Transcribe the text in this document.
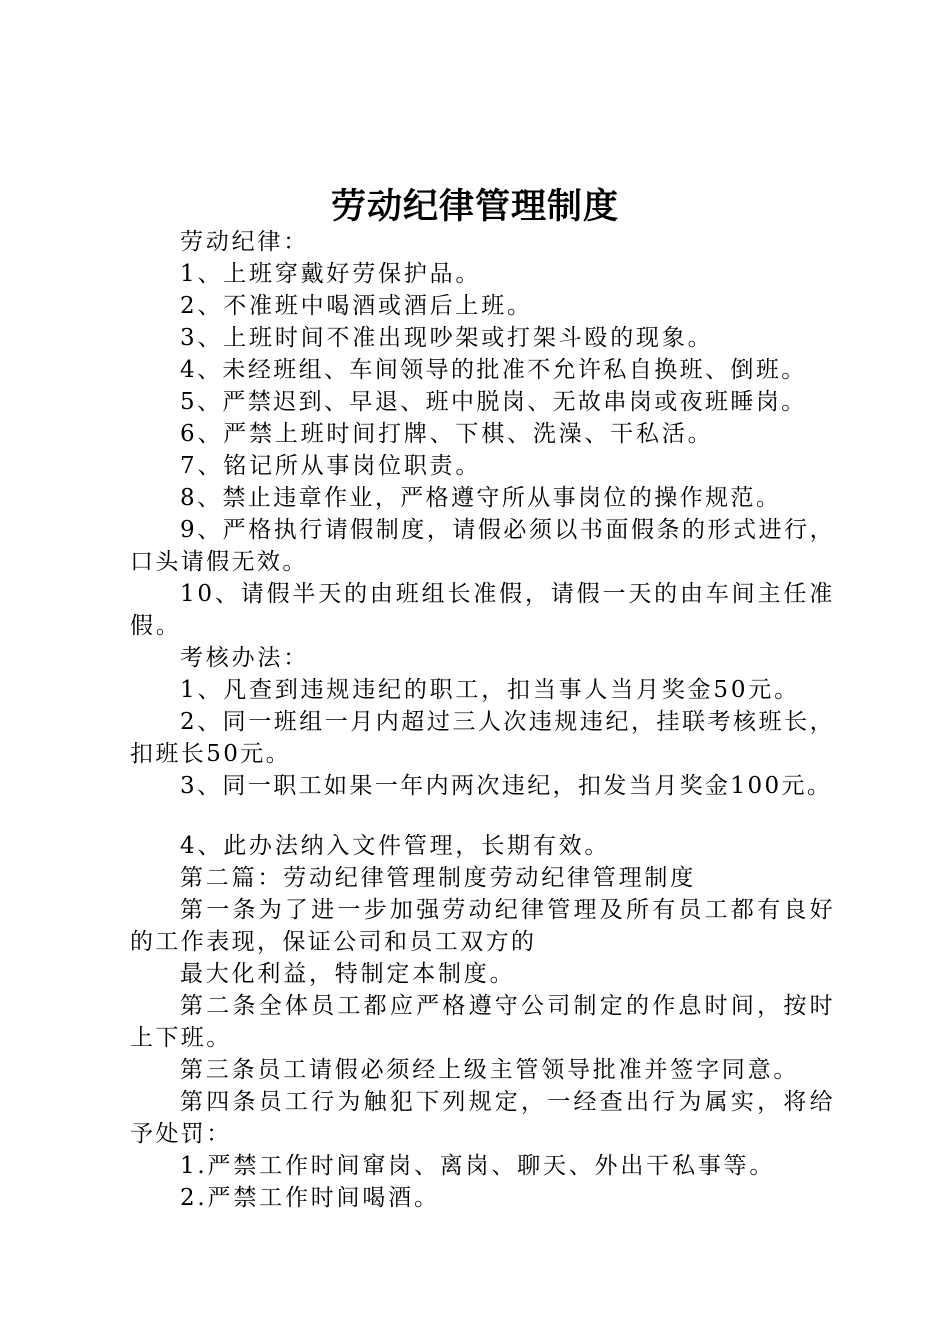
劳动纪律管理制度

劳动纪律：

1、上班穿戴好劳保护品。

2、不准班中喝酒或酒后上班。

3、上班时间不准出现吵架或打架斗殴的现象。

4、未经班组、车间领导的批准不允许私自换班、倒班。

5、严禁迟到、早退、班中脱岗、无故串岗或夜班睡岗。

6、严禁上班时间打牌、下棋、洗澡、干私活。

7、铭记所从事岗位职责。

8、禁止违章作业，严格遵守所从事岗位的操作规范。

9、严格执行请假制度，请假必须以书面假条的形式进行，口头请假无效。

10、请假半天的由班组长准假，请假一天的由车间主任准假。

考核办法：

1、凡查到违规违纪的职工，扣当事人当月奖金50元。

2、同一班组一月内超过三人次违规违纪，挂联考核班长，扣班长50元。

3、同一职工如果一年内两次违纪，扣发当月奖金100元。

4、此办法纳入文件管理，长期有效。

第二篇：劳动纪律管理制度劳动纪律管理制度

第一条为了进一步加强劳动纪律管理及所有员工都有良好的工作表现，保证公司和员工双方的

最大化利益，特制定本制度。

第二条全体员工都应严格遵守公司制定的作息时间，按时上下班。

第三条员工请假必须经上级主管领导批准并签字同意。

第四条员工行为触犯下列规定，一经查出行为属实，将给予处罚：

1.严禁工作时间窜岗、离岗、聊天、外出干私事等。

2.严禁工作时间喝酒。
